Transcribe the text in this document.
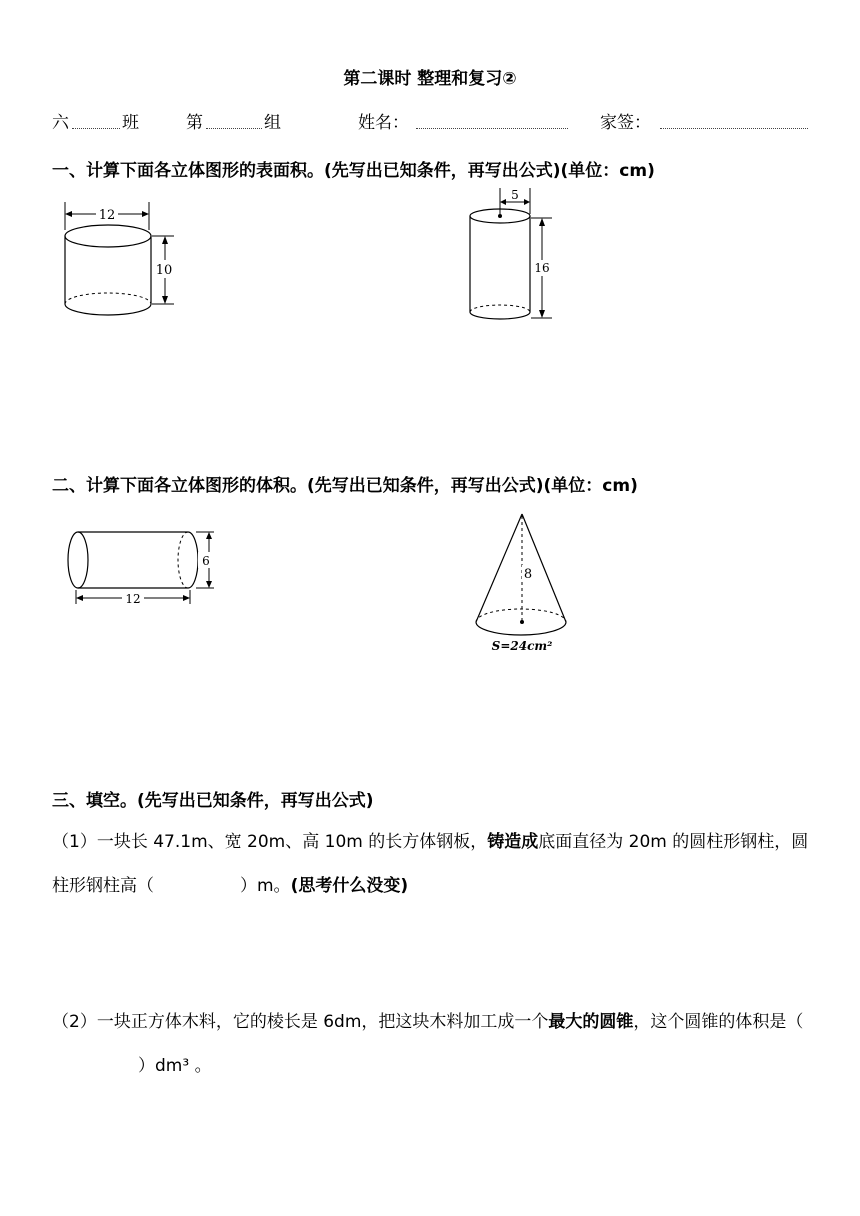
第二课时 整理和复习②
六	班	第	组	姓名：	家签：
一、计算下面各立体图形的表面积。(先写出已知条件，再写出公式)(单位：cm)
12
10
5
16
二、计算下面各立体图形的体积。(先写出已知条件，再写出公式)(单位：cm)
6
12
8
S=24cm²
三、填空。(先写出已知条件，再写出公式)
（1）一块长 47.1m、宽 20m、高 10m 的长方体钢板，铸造成底面直径为 20m 的圆柱形钢柱，圆柱形钢柱高（	）m。(思考什么没变)
（2）一块正方体木料，它的棱长是 6dm，把这块木料加工成一个最大的圆锥，这个圆锥的体积是（）dm³ 。
